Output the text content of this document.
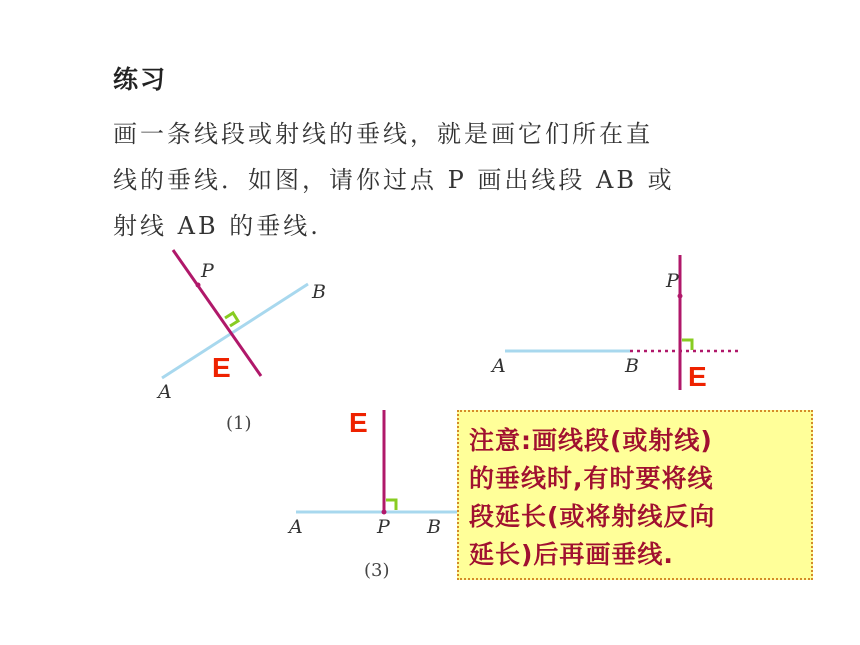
练习
画一条线段或射线的垂线，就是画它们所在直
线的垂线．如图，请你过点 P 画出线段 AB 或
射线 AB 的垂线.
P
B
A
E
(1)
P
A	B E
A	P B
E
(3)
注意:画线段(或射线)
的垂线时,有时要将线
段延长(或将射线反向
延长)后再画垂线.
